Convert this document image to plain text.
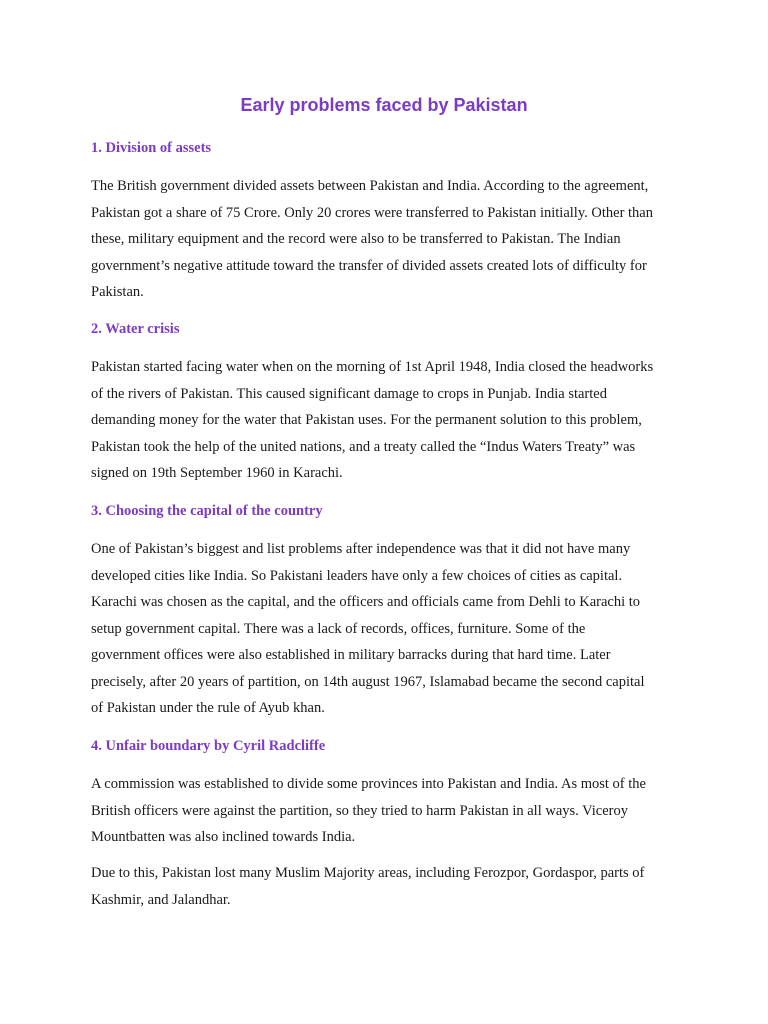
Early problems faced by Pakistan
1. Division of assets

The British government divided assets between Pakistan and India. According to the agreement,
Pakistan got a share of 75 Crore. Only 20 crores were transferred to Pakistan initially. Other than
these, military equipment and the record were also to be transferred to Pakistan. The Indian
government’s negative attitude toward the transfer of divided assets created lots of difficulty for
Pakistan.

2. Water crisis

Pakistan started facing water when on the morning of 1st April 1948, India closed the headworks
of the rivers of Pakistan. This caused significant damage to crops in Punjab. India started
demanding money for the water that Pakistan uses. For the permanent solution to this problem,
Pakistan took the help of the united nations, and a treaty called the “Indus Waters Treaty” was
signed on 19th September 1960 in Karachi.

3. Choosing the capital of the country

One of Pakistan’s biggest and list problems after independence was that it did not have many
developed cities like India. So Pakistani leaders have only a few choices of cities as capital.
Karachi was chosen as the capital, and the officers and officials came from Dehli to Karachi to
setup government capital. There was a lack of records, offices, furniture. Some of the
government offices were also established in military barracks during that hard time. Later
precisely, after 20 years of partition, on 14th august 1967, Islamabad became the second capital
of Pakistan under the rule of Ayub khan.

4. Unfair boundary by Cyril Radcliffe

A commission was established to divide some provinces into Pakistan and India. As most of the
British officers were against the partition, so they tried to harm Pakistan in all ways. Viceroy
Mountbatten was also inclined towards India.

Due to this, Pakistan lost many Muslim Majority areas, including Ferozpor, Gordaspor, parts of
Kashmir, and Jalandhar.
